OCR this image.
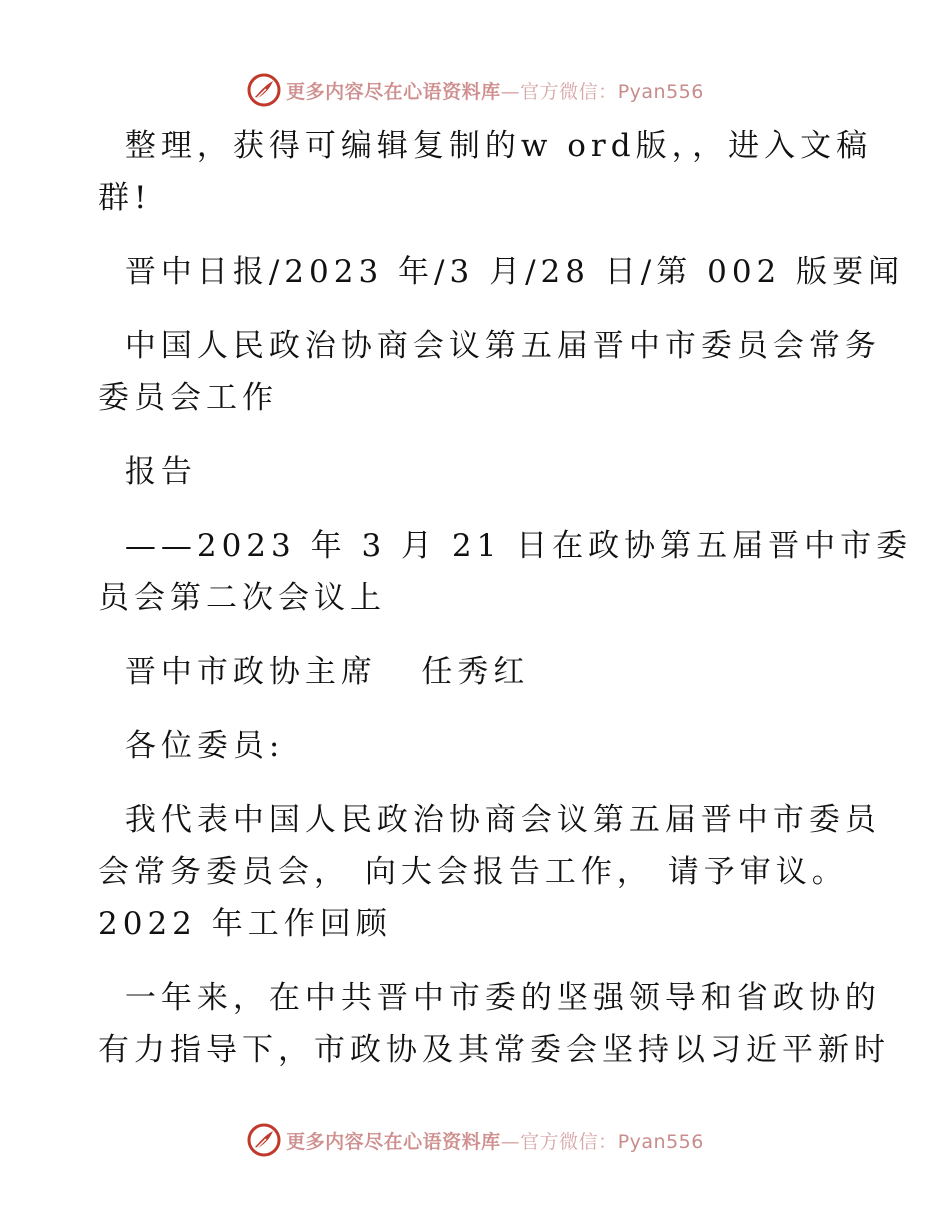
更多内容尽在心语资料库—官方微信：Pyan556

整理，获得可编辑复制的w ord版，，进入文稿

群!

晋中日报/2023 年/3 月/28 日/第 002 版要闻

中国人民政治协商会议第五届晋中市委员会常务

委员会工作

报告

——2023 年 3 月 21 日在政协第五届晋中市委

员会第二次会议上

晋中市政协主席   任秀红

各位委员:

我代表中国人民政治协商会议第五届晋中市委员

会常务委员会， 向大会报告工作， 请予审议。

2022 年工作回顾

一年来，在中共晋中市委的坚强领导和省政协的

有力指导下，市政协及其常委会坚持以习近平新时

更多内容尽在心语资料库—官方微信：Pyan556
